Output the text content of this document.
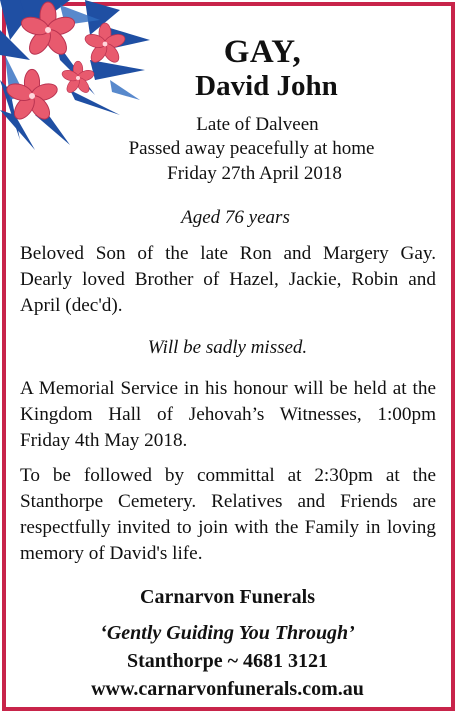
GAY,
David John
Late of Dalveen
Passed away peacefully at home
Friday 27th April 2018
Aged 76 years
Beloved Son of the late Ron and Margery Gay. Dearly loved Brother of Hazel, Jackie, Robin and April (dec'd).
Will be sadly missed.
A Memorial Service in his honour will be held at the Kingdom Hall of Jehovah’s Witnesses, 1:00pm Friday 4th May 2018.
To be followed by committal at 2:30pm at the Stanthorpe Cemetery. Relatives and Friends are respectfully invited to join with the Family in loving memory of David's life.
Carnarvon Funerals
‘Gently Guiding You Through’
Stanthorpe ~ 4681 3121
www.carnarvonfunerals.com.au
